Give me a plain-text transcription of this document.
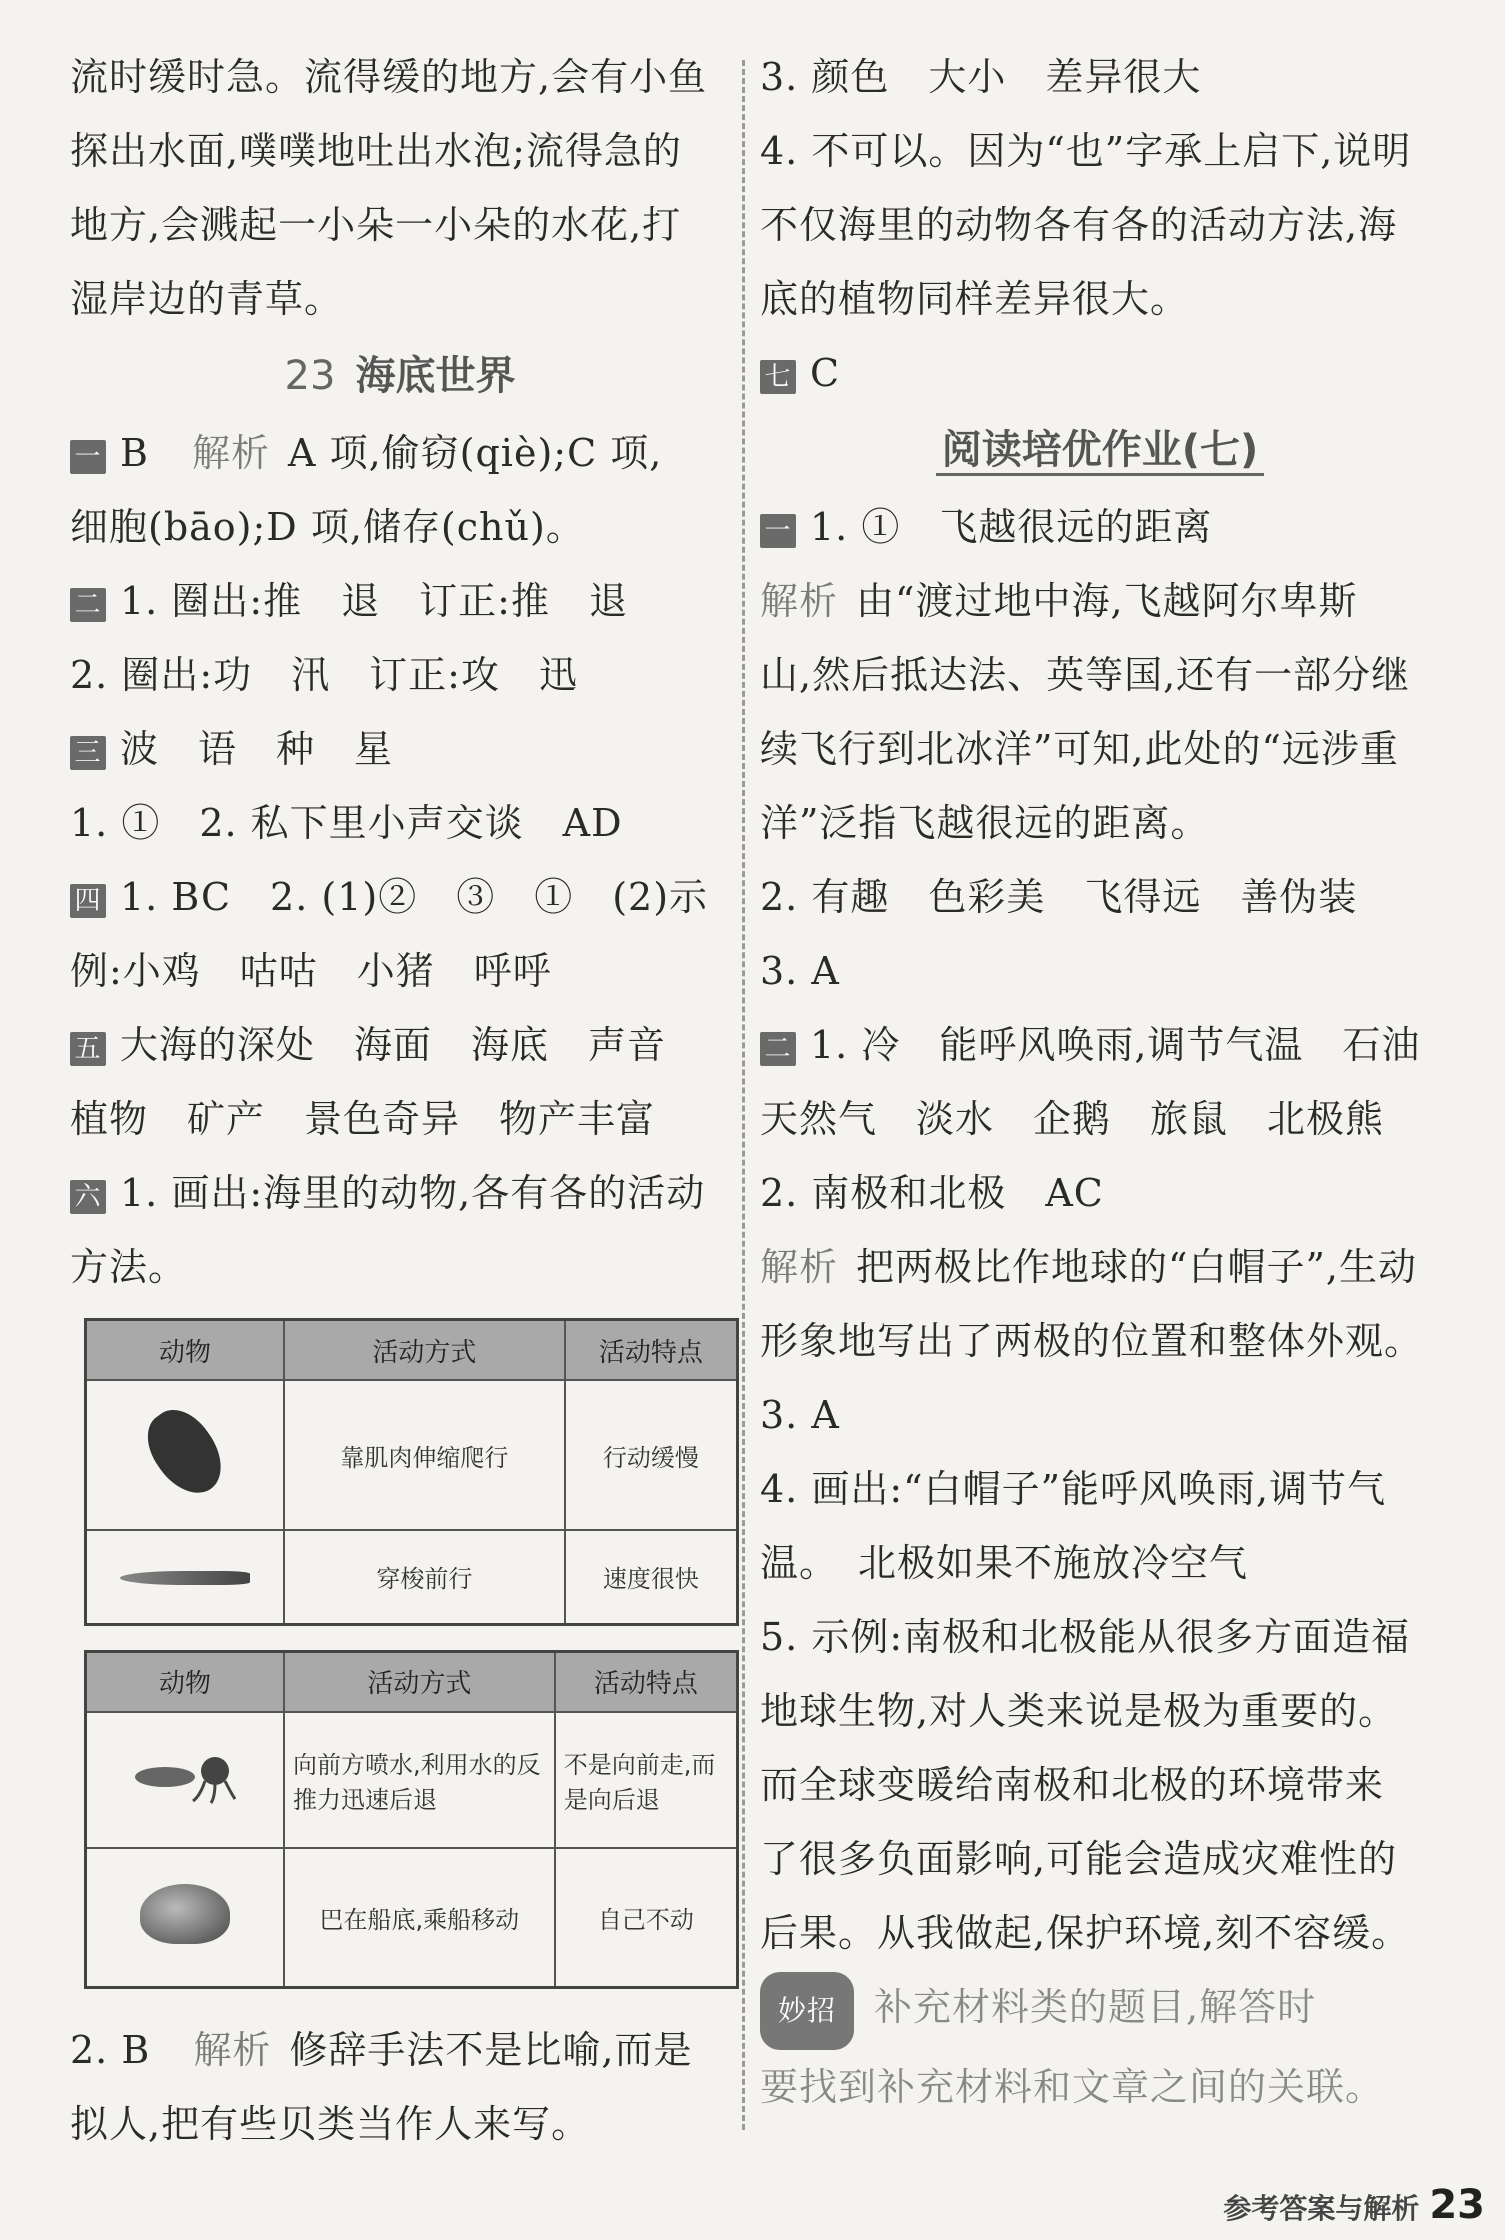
流时缓时急。流得缓的地方,会有小鱼
探出水面,噗噗地吐出水泡;流得急的
地方,会溅起一小朵一小朵的水花,打
湿岸边的青草。
23 海底世界
一 B 解析 A 项,偷窃(qiè);C 项,
细胞(bāo);D 项,储存(chǔ)。
二 1. 圈出:推　退　订正:推　退
2. 圈出:功　汛　订正:攻　迅
三 波　语　种　星
1. ①　2. 私下里小声交谈　AD
四 1. BC　2. (1)②　③　①　(2)示
例:小鸡　咕咕　小猪　呼呼
五 大海的深处　海面　海底　声音
植物　矿产　景色奇异　物产丰富
六 1. 画出:海里的动物,各有各的活动
方法。
动物	活动方式	活动特点
	靠肌肉伸缩爬行	行动缓慢
	穿梭前行	速度很快
动物	活动方式	活动特点
	向前方喷水,利用水的反推力迅速后退	不是向前走,而是向后退
	巴在船底,乘船移动	自己不动
2. B 解析 修辞手法不是比喻,而是
拟人,把有些贝类当作人来写。
3. 颜色　大小　差异很大
4. 不可以。因为“也”字承上启下,说明
不仅海里的动物各有各的活动方法,海
底的植物同样差异很大。
七 C
阅读培优作业(七)
一 1. ①　飞越很远的距离
解析 由“渡过地中海,飞越阿尔卑斯
山,然后抵达法、英等国,还有一部分继
续飞行到北冰洋”可知,此处的“远涉重
洋”泛指飞越很远的距离。
2. 有趣　色彩美　飞得远　善伪装
3. A
二 1. 冷　能呼风唤雨,调节气温　石油
天然气　淡水　企鹅　旅鼠　北极熊
2. 南极和北极　AC
解析 把两极比作地球的“白帽子”,生动
形象地写出了两极的位置和整体外观。
3. A
4. 画出:“白帽子”能呼风唤雨,调节气
温。　北极如果不施放冷空气
5. 示例:南极和北极能从很多方面造福
地球生物,对人类来说是极为重要的。
而全球变暖给南极和北极的环境带来
了很多负面影响,可能会造成灾难性的
后果。从我做起,保护环境,刻不容缓。
妙招 补充材料类的题目,解答时
要找到补充材料和文章之间的关联。
参考答案与解析 23
